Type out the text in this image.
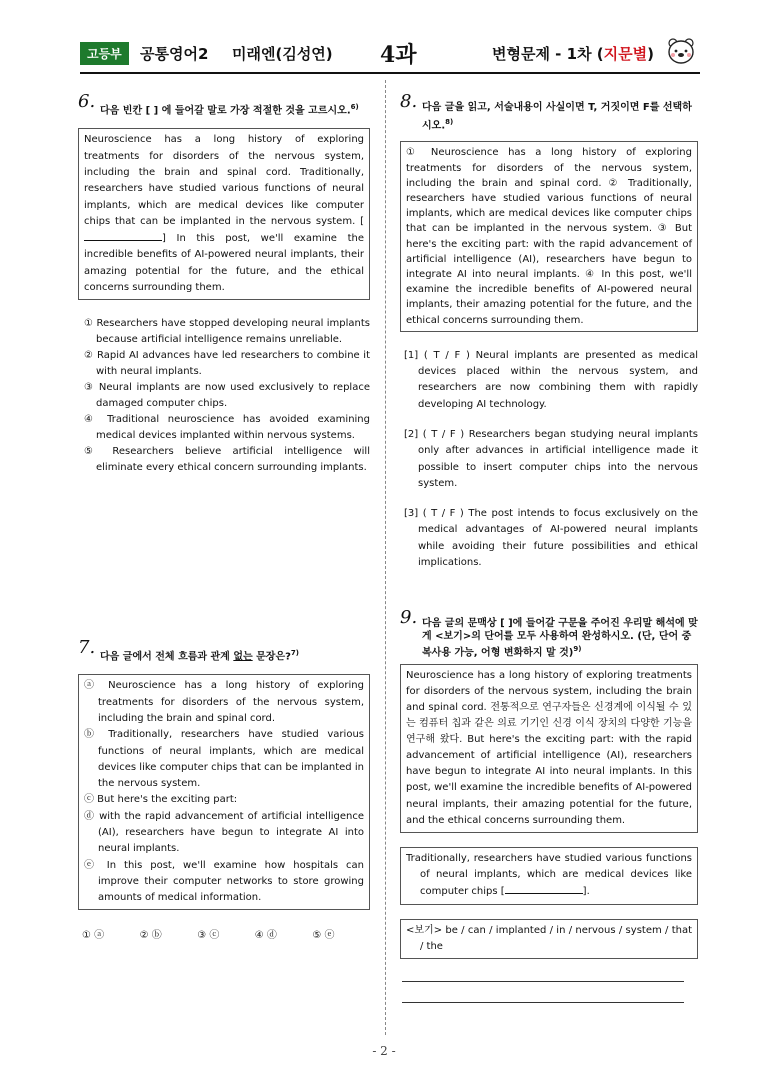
고등부	공통영어2 미래엔(김성연) 4과	변형문제 - 1차 (지문별)
6. 다음 빈칸 [ ] 에 들어갈 말로 가장 적절한 것을 고르시오.$^{6)}$
Neuroscience has a long history of exploring treatments for disorders of the nervous system, including the brain and spinal cord. Traditionally, researchers have studied various functions of neural implants, which are medical devices like computer chips that can be implanted in the nervous system. [] In this post, we'll examine the incredible benefits of AI-powered neural implants, their amazing potential for the future, and the ethical concerns surrounding them.
① Researchers have stopped developing neural implants because artificial intelligence remains unreliable.
② Rapid AI advances have led researchers to combine it with neural implants.
③ Neural implants are now used exclusively to replace damaged computer chips.
④ Traditional neuroscience has avoided examining medical devices implanted within nervous systems.
⑤ Researchers believe artificial intelligence will eliminate every ethical concern surrounding implants.
7. 다음 글에서 전체 흐름과 관계 없는 문장은?$^{7)}$
ⓐ Neuroscience has a long history of exploring treatments for disorders of the nervous system, including the brain and spinal cord.
ⓑ Traditionally, researchers have studied various functions of neural implants, which are medical devices like computer chips that can be implanted in the nervous system.
ⓒ But here's the exciting part:
ⓓ with the rapid advancement of artificial intelligence (AI), researchers have begun to integrate AI into neural implants.
ⓔ In this post, we'll examine how hospitals can improve their computer networks to store growing amounts of medical information.
① ⓐ	② ⓑ	③ ⓒ	④ ⓓ	⑤ ⓔ
8. 다음 글을 읽고, 서술내용이 사실이면 T, 거짓이면 F를 선택하시오.$^{8)}$
① Neuroscience has a long history of exploring treatments for disorders of the nervous system, including the brain and spinal cord. ② Traditionally, researchers have studied various functions of neural implants, which are medical devices like computer chips that can be implanted in the nervous system. ③ But here's the exciting part: with the rapid advancement of artificial intelligence (AI), researchers have begun to integrate AI into neural implants. ④ In this post, we'll examine the incredible benefits of AI-powered neural implants, their amazing potential for the future, and the ethical concerns surrounding them.
[1] ( T / F ) Neural implants are presented as medical devices placed within the nervous system, and researchers are now combining them with rapidly developing AI technology.
[2] ( T / F ) Researchers began studying neural implants only after advances in artificial intelligence made it possible to insert computer chips into the nervous system.
[3] ( T / F ) The post intends to focus exclusively on the medical advantages of AI-powered neural implants while avoiding their future possibilities and ethical implications.
9. 다음 글의 문맥상 [ ]에 들어갈 구문을 주어진 우리말 해석에 맞게 <보기>의 단어를 모두 사용하여 완성하시오. (단, 단어 중복사용 가능, 어형 변화하지 말 것)$^{9)}$
Neuroscience has a long history of exploring treatments for disorders of the nervous system, including the brain and spinal cord. 전통적으로 연구자들은 신경계에 이식될 수 있는 컴퓨터 칩과 같은 의료 기기인 신경 이식 장치의 다양한 기능을 연구해 왔다. But here's the exciting part: with the rapid advancement of artificial intelligence (AI), researchers have begun to integrate AI into neural implants. In this post, we'll examine the incredible benefits of AI-powered neural implants, their amazing potential for the future, and the ethical concerns surrounding them.
Traditionally, researchers have studied various functions of neural implants, which are medical devices like computer chips [	].
<보기> be / can / implanted / in / nervous / system / that / the
- 2 -
